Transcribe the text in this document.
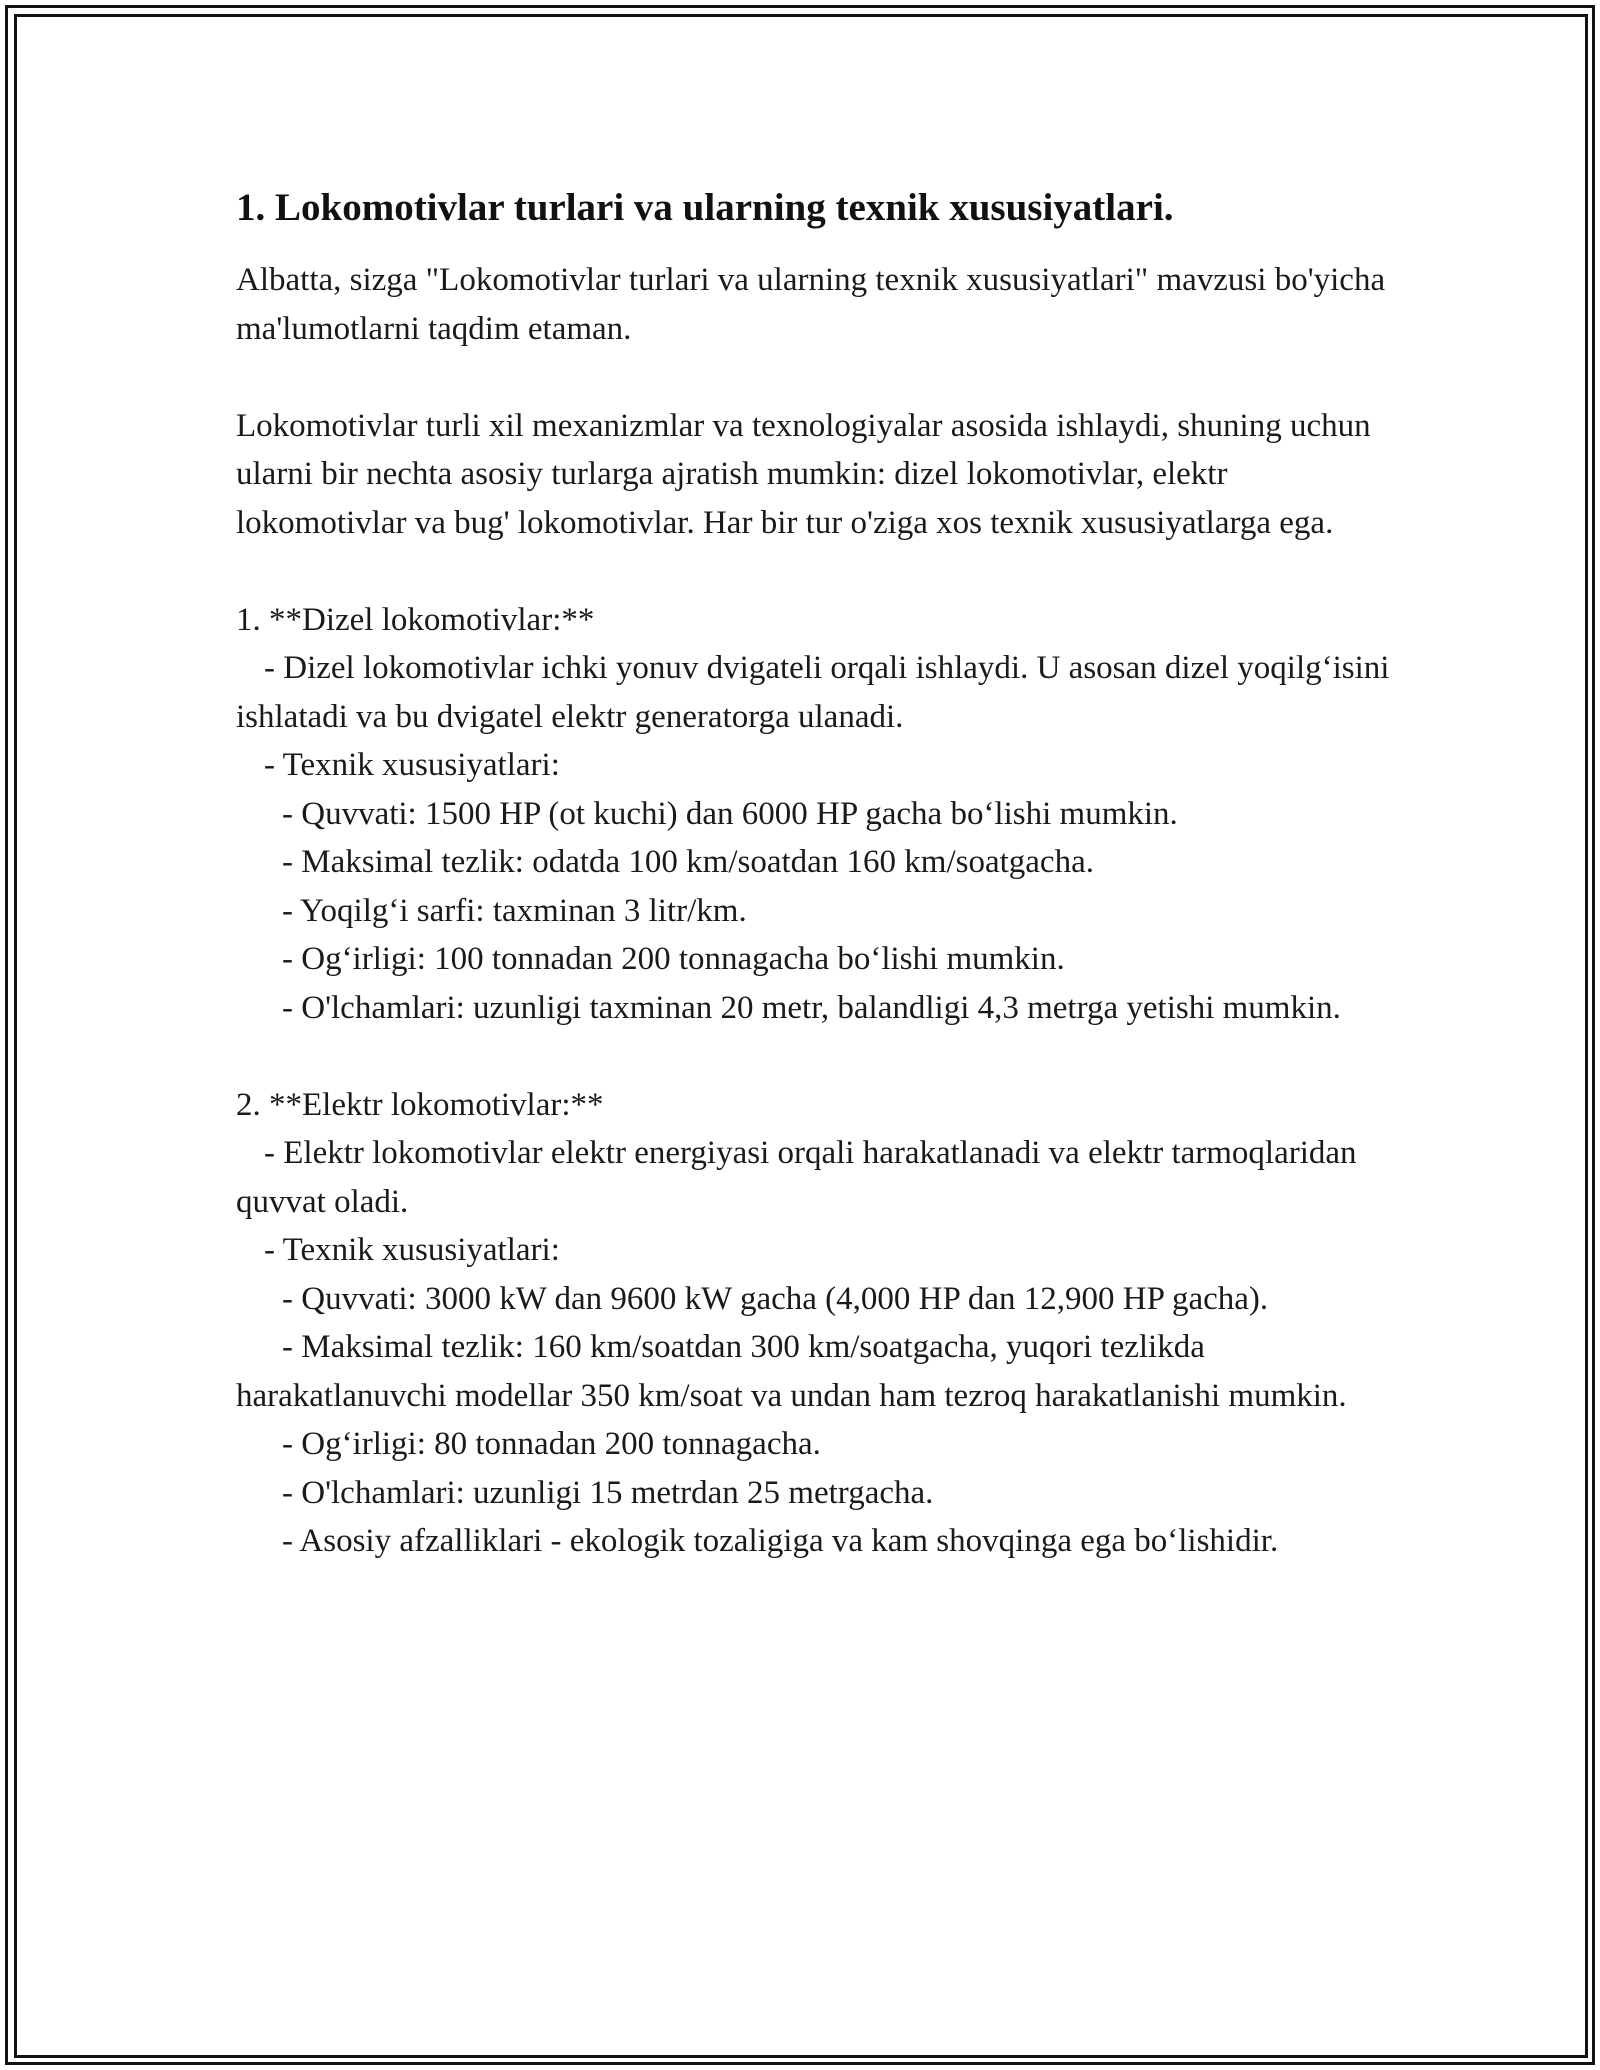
1. Lokomotivlar turlari va ularning texnik xususiyatlari.

Albatta, sizga "Lokomotivlar turlari va ularning texnik xususiyatlari" mavzusi bo'yicha ma'lumotlarni taqdim etaman.

Lokomotivlar turli xil mexanizmlar va texnologiyalar asosida ishlaydi, shuning uchun ularni bir nechta asosiy turlarga ajratish mumkin: dizel lokomotivlar, elektr lokomotivlar va bug' lokomotivlar. Har bir tur o'ziga xos texnik xususiyatlarga ega.

1. **Dizel lokomotivlar:**

- Dizel lokomotivlar ichki yonuv dvigateli orqali ishlaydi. U asosan dizel yoqilg‘isini ishlatadi va bu dvigatel elektr generatorga ulanadi.

- Texnik xususiyatlari:

- Quvvati: 1500 HP (ot kuchi) dan 6000 HP gacha bo‘lishi mumkin.

- Maksimal tezlik: odatda 100 km/soatdan 160 km/soatgacha.

- Yoqilg‘i sarfi: taxminan 3 litr/km.

- Og‘irligi: 100 tonnadan 200 tonnagacha bo‘lishi mumkin.

- O'lchamlari: uzunligi taxminan 20 metr, balandligi 4,3 metrga yetishi mumkin.

2. **Elektr lokomotivlar:**

- Elektr lokomotivlar elektr energiyasi orqali harakatlanadi va elektr tarmoqlaridan quvvat oladi.

- Texnik xususiyatlari:

- Quvvati: 3000 kW dan 9600 kW gacha (4,000 HP dan 12,900 HP gacha).

- Maksimal tezlik: 160 km/soatdan 300 km/soatgacha, yuqori tezlikda harakatlanuvchi modellar 350 km/soat va undan ham tezroq harakatlanishi mumkin.

- Og‘irligi: 80 tonnadan 200 tonnagacha.

- O'lchamlari: uzunligi 15 metrdan 25 metrgacha.

- Asosiy afzalliklari - ekologik tozaligiga va kam shovqinga ega bo‘lishidir.
